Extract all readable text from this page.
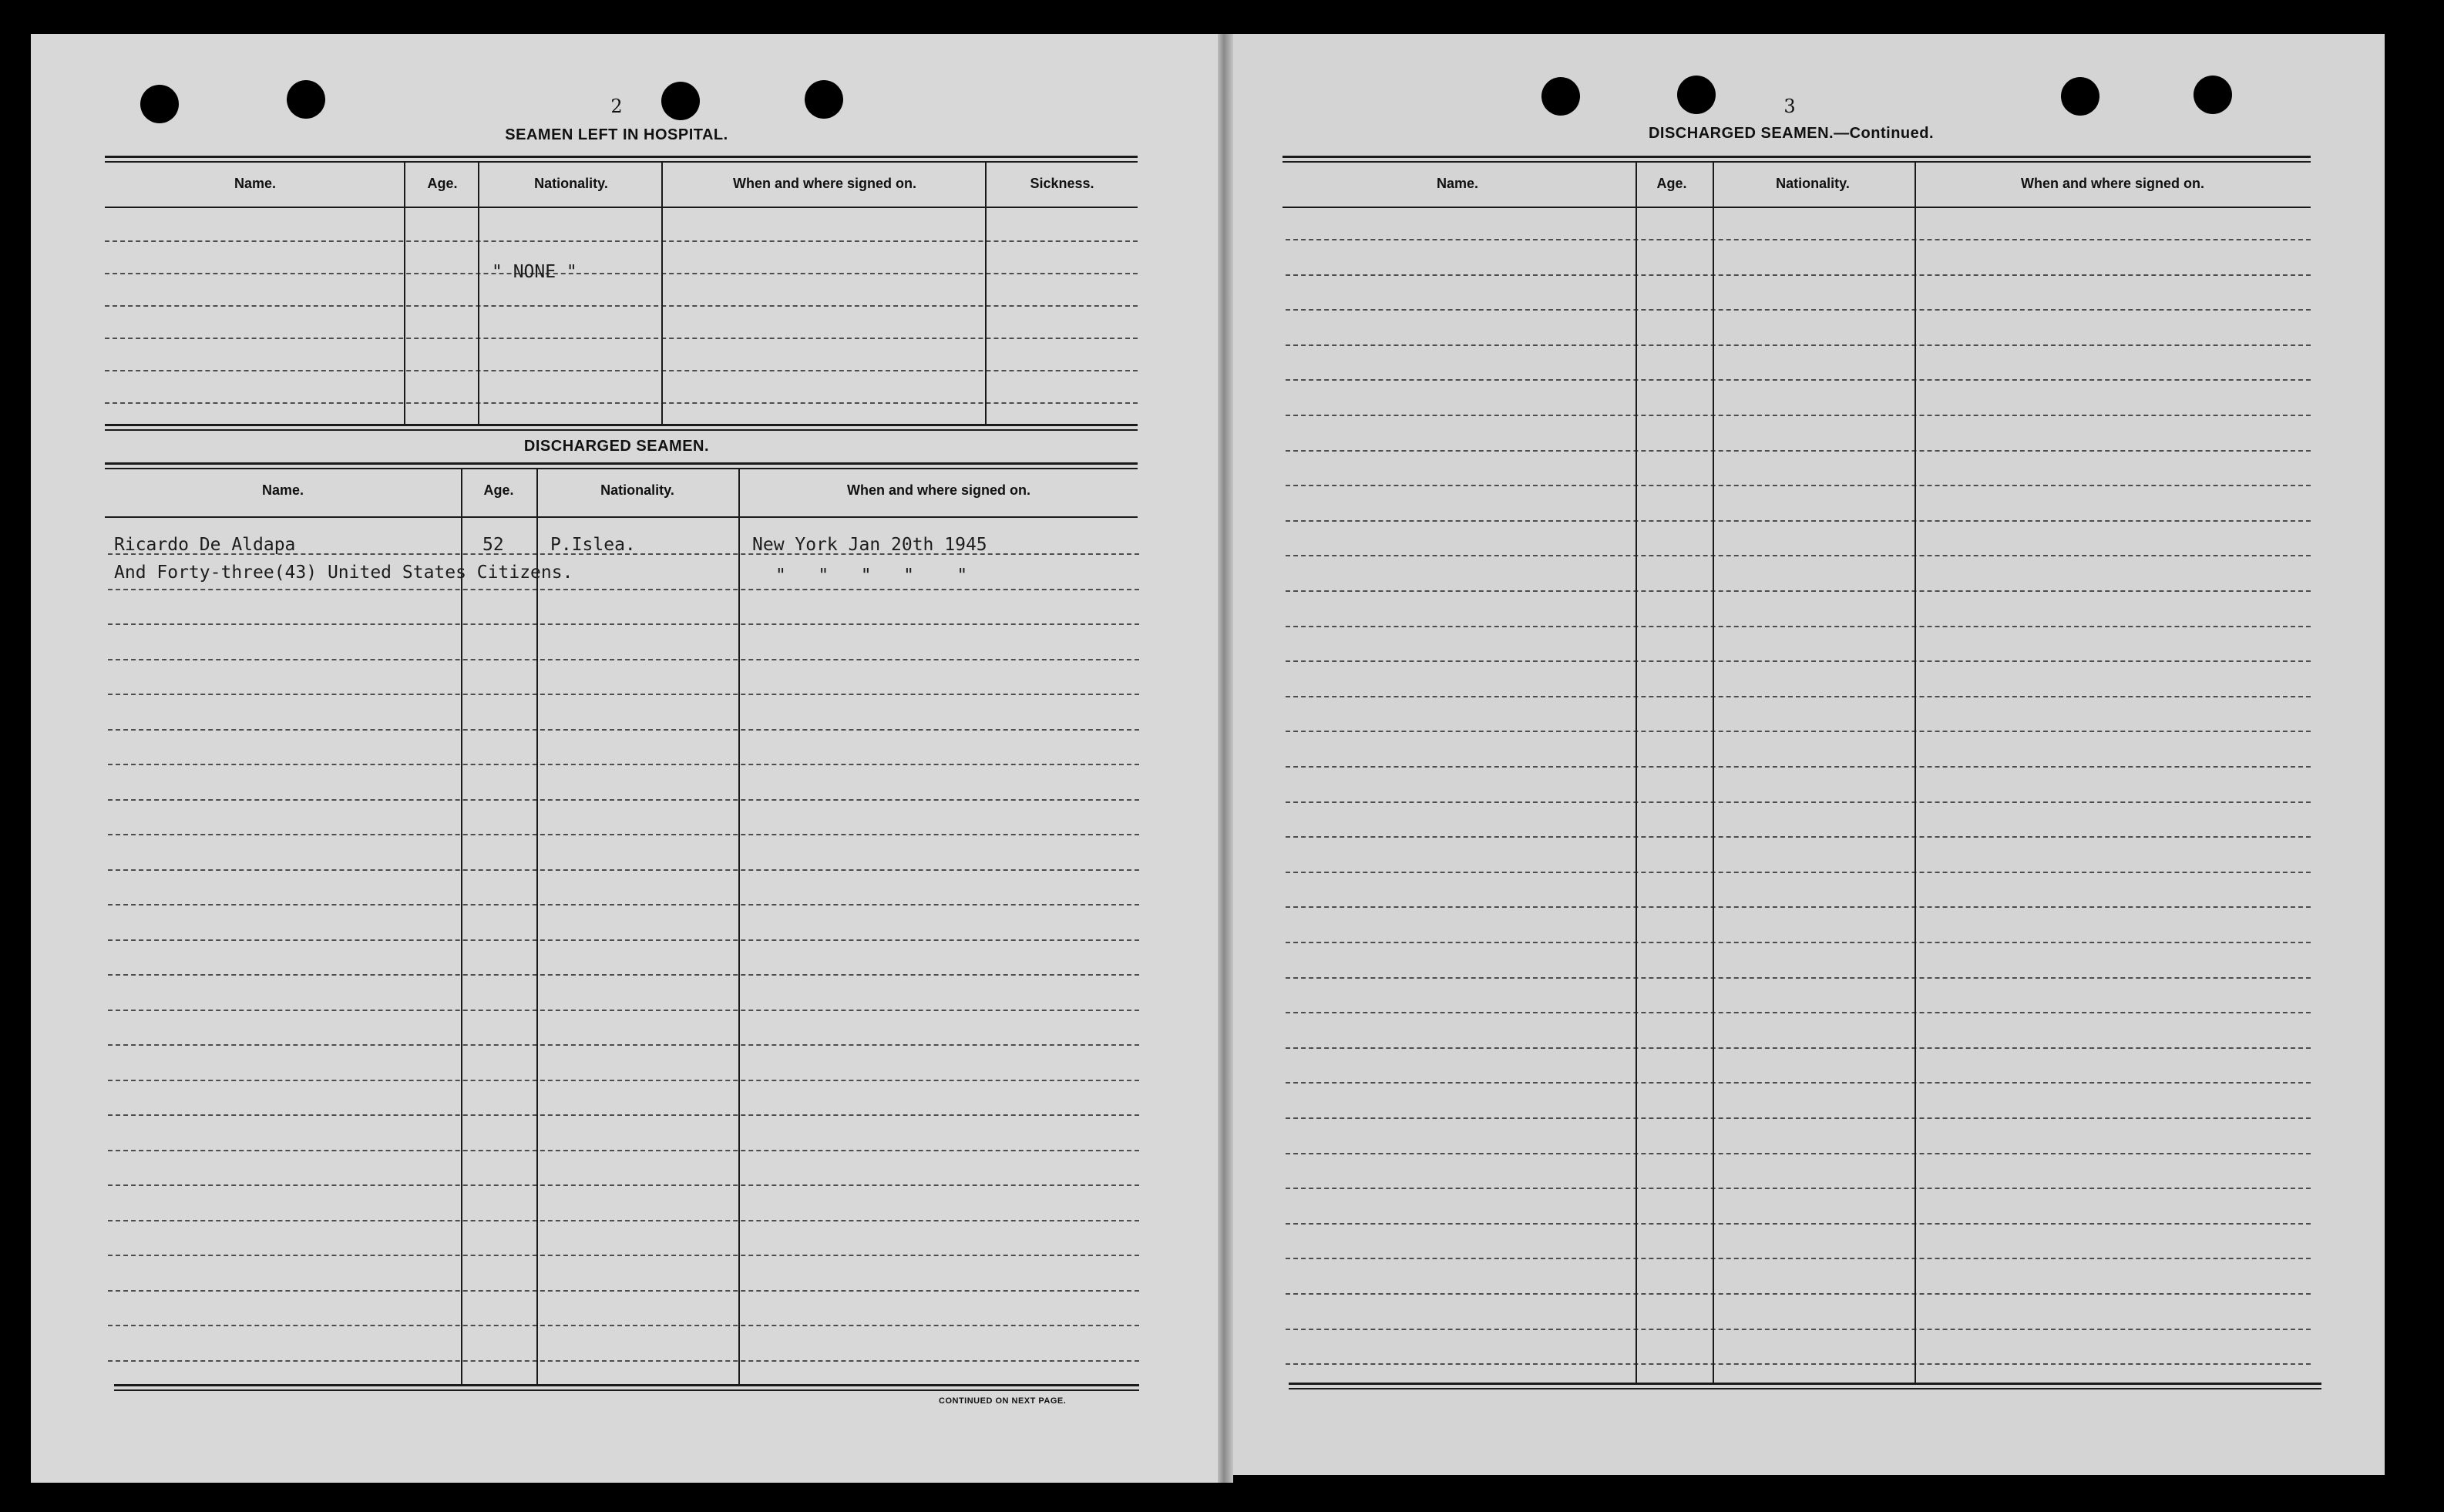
2
SEAMEN LEFT IN HOSPITAL.
Name.	Age.	Nationality.	When and where signed on.	Sickness.
" NONE "
DISCHARGED SEAMEN.
Name.	Age.	Nationality.	When and where signed on.
Ricardo De Aldapa	52	P.Islea.	New York Jan 20th 1945
And Forty-three(43) United States Citizens.	"   "   "   "    "
CONTINUED ON NEXT PAGE.
3
DISCHARGED SEAMEN.—Continued.
Name.	Age.	Nationality.	When and where signed on.
